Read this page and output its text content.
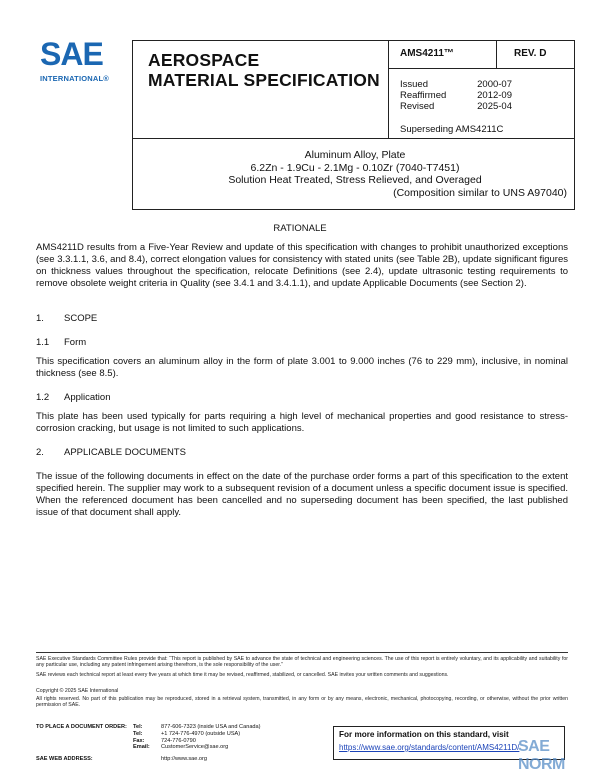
SAE
INTERNATIONAL®
AEROSPACE
MATERIAL SPECIFICATION
AMS4211™	REV. D
Issued	2000-07
Reaffirmed	2012-09
Revised	2025-04
Superseding AMS4211C
Aluminum Alloy, Plate
6.2Zn - 1.9Cu - 2.1Mg - 0.10Zr (7040-T7451)
Solution Heat Treated, Stress Relieved, and Overaged
(Composition similar to UNS A97040)
RATIONALE
AMS4211D results from a Five-Year Review and update of this specification with changes to prohibit unauthorized exceptions (see 3.3.1.1, 3.6, and 8.4), correct elongation values for consistency with stated units (see Table 2B), update significant figures on thickness values throughout the specification, relocate Definitions (see 2.4), update ultrasonic testing requirements to remove obsolete weight criteria in Quality (see 3.4.1 and 3.4.1.1), and update Applicable Documents (see Section 2).
1. SCOPE
1.1 Form
This specification covers an aluminum alloy in the form of plate 3.001 to 9.000 inches (76 to 229 mm), inclusive, in nominal thickness (see 8.5).
1.2 Application
This plate has been used typically for parts requiring a high level of mechanical properties and good resistance to stress-corrosion cracking, but usage is not limited to such applications.
2. APPLICABLE DOCUMENTS
The issue of the following documents in effect on the date of the purchase order forms a part of this specification to the extent specified herein. The supplier may work to a subsequent revision of a document unless a specific document issue is specified. When the referenced document has been cancelled and no superseding document has been specified, the last published issue of that document shall apply.
SAE Executive Standards Committee Rules provide that: “This report is published by SAE to advance the state of technical and engineering sciences. The use of this report is entirely voluntary, and its applicability and suitability for any particular use, including any patent infringement arising therefrom, is the sole responsibility of the user.”
SAE reviews each technical report at least every five years at which time it may be revised, reaffirmed, stabilized, or cancelled. SAE invites your written comments and suggestions.
Copyright © 2025 SAE International
All rights reserved. No part of this publication may be reproduced, stored in a retrieval system, transmitted, in any form or by any means, electronic, mechanical, photocopying, recording, or otherwise, without the prior written permission of SAE.
TO PLACE A DOCUMENT ORDER: Tel:	877-606-7323 (inside USA and Canada)
Tel:	+1 724-776-4970 (outside USA)
Fax:	724-776-0790
Email:	CustomerService@sae.org
SAE WEB ADDRESS:	http://www.sae.org
For more information on this standard, visit
https://www.sae.org/standards/content/AMS4211D/
SAE NORM
